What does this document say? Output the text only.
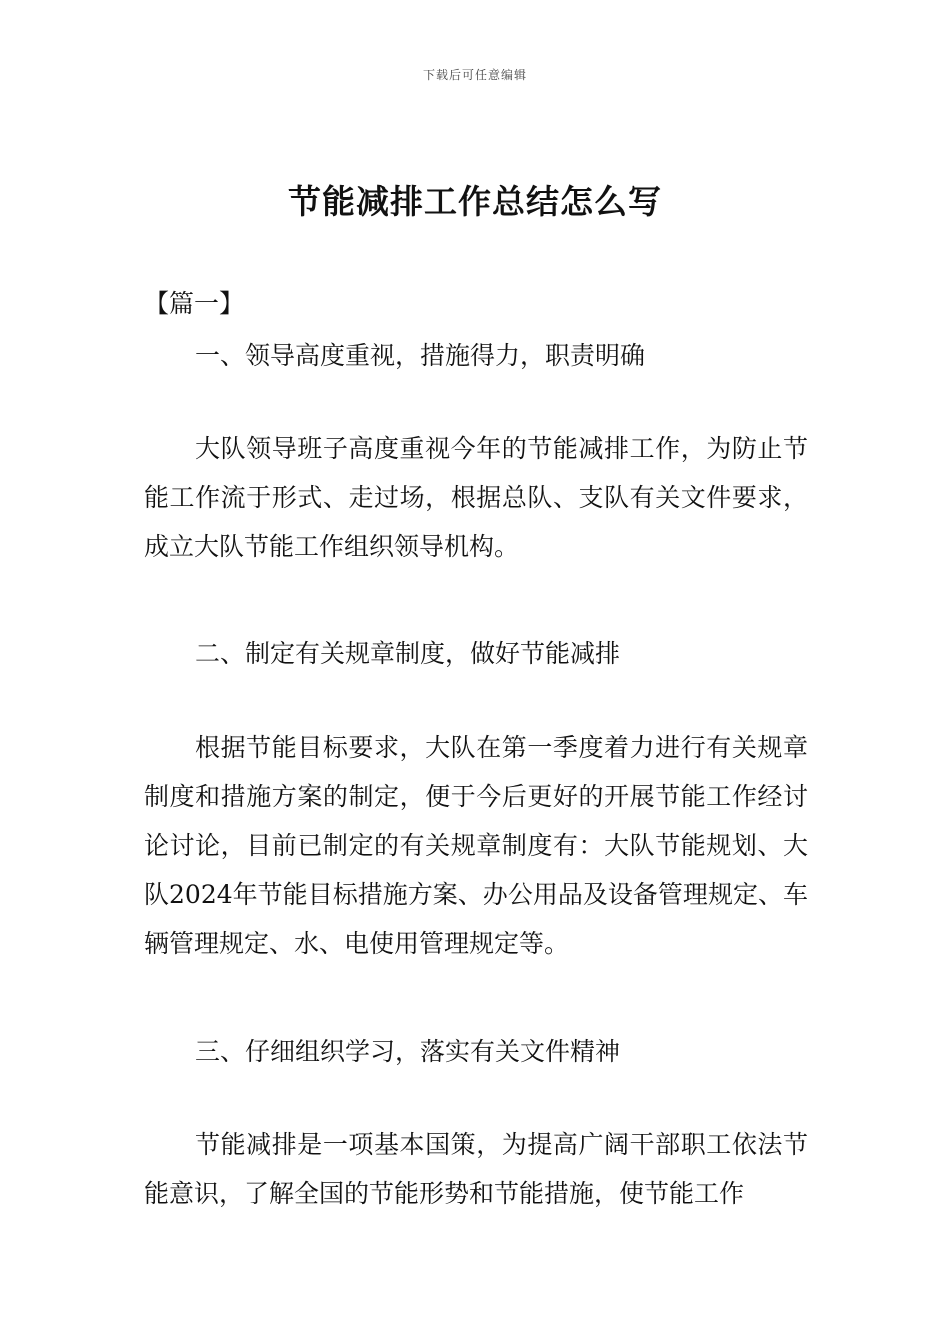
下载后可任意编辑
节能减排工作总结怎么写
【篇一】

一、领导高度重视，措施得力，职责明确

大队领导班子高度重视今年的节能减排工作，为防止节能工作流于形式、走过场，根据总队、支队有关文件要求，成立大队节能工作组织领导机构。

二、制定有关规章制度，做好节能减排

根据节能目标要求，大队在第一季度着力进行有关规章制度和措施方案的制定，便于今后更好的开展节能工作经讨论讨论，目前已制定的有关规章制度有：大队节能规划、大队2024年节能目标措施方案、办公用品及设备管理规定、车辆管理规定、水、电使用管理规定等。

三、仔细组织学习，落实有关文件精神

节能减排是一项基本国策，为提高广阔干部职工依法节能意识，了解全国的节能形势和节能措施，使节能工作
